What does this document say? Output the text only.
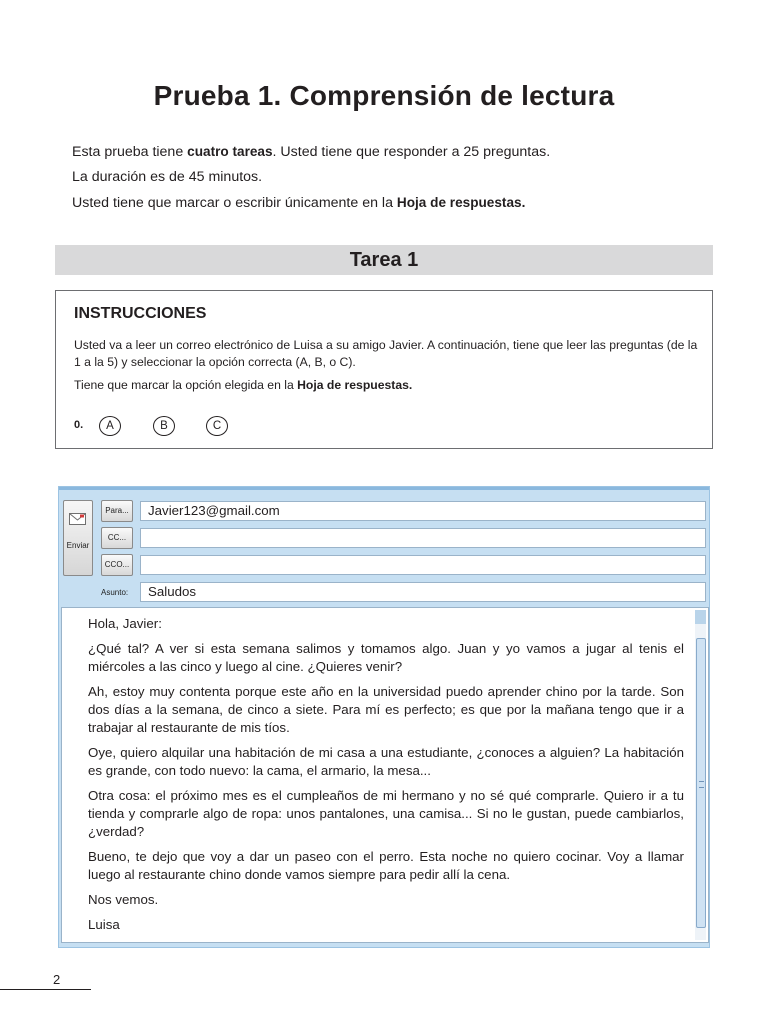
Prueba 1. Comprensión de lectura

Esta prueba tiene cuatro tareas. Usted tiene que responder a 25 preguntas.

La duración es de 45 minutos.

Usted tiene que marcar o escribir únicamente en la Hoja de respuestas.

Tarea 1
INSTRUCCIONES

Usted va a leer un correo electrónico de Luisa a su amigo Javier. A continuación, tiene que leer las preguntas (de la 1 a la 5) y seleccionar la opción correcta (A, B, o C).

Tiene que marcar la opción elegida en la Hoja de respuestas.

0.	A	B	C
Enviar
Para...
CC...
CCO...
Asunto:
Javier123@gmail.com
Saludos

Hola, Javier:

¿Qué tal? A ver si esta semana salimos y tomamos algo. Juan y yo vamos a jugar al tenis el miércoles a las cinco y luego al cine. ¿Quieres venir?

Ah, estoy muy contenta porque este año en la universidad puedo aprender chino por la tarde. Son dos días a la semana, de cinco a siete. Para mí es perfecto; es que por la mañana tengo que ir a trabajar al restaurante de mis tíos.

Oye, quiero alquilar una habitación de mi casa a una estudiante, ¿conoces a alguien? La habitación es grande, con todo nuevo: la cama, el armario, la mesa...

Otra cosa: el próximo mes es el cumpleaños de mi hermano y no sé qué comprarle. Quiero ir a tu tienda y comprarle algo de ropa: unos pantalones, una camisa... Si no le gustan, puede cambiarlos, ¿verdad?

Bueno, te dejo que voy a dar un paseo con el perro. Esta noche no quiero cocinar. Voy a llamar luego al restaurante chino donde vamos siempre para pedir allí la cena.

Nos vemos.

Luisa

2
